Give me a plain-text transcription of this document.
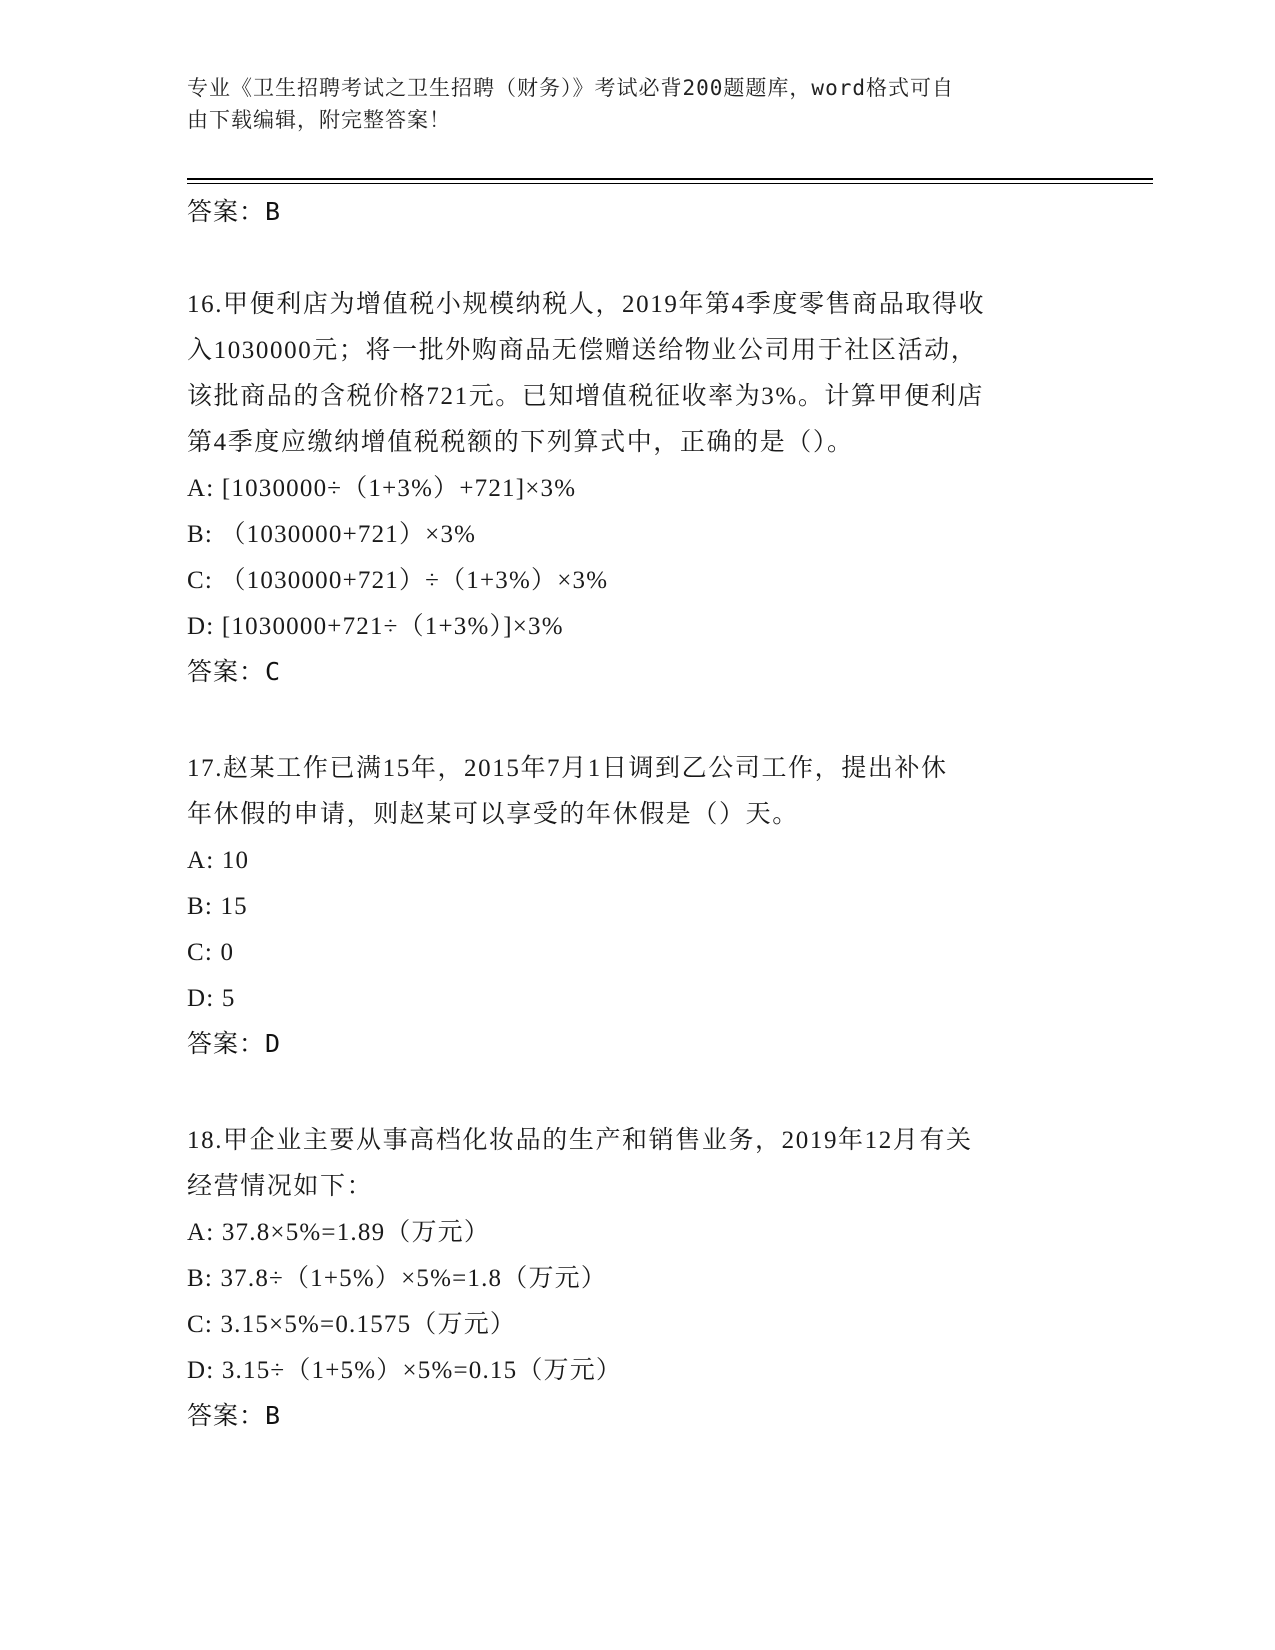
专业《卫生招聘考试之卫生招聘（财务）》考试必背200题题库，word格式可自
由下载编辑，附完整答案！
答案：B
16.甲便利店为增值税小规模纳税人，2019年第4季度零售商品取得收
入1030000元；将一批外购商品无偿赠送给物业公司用于社区活动，
该批商品的含税价格721元。已知增值税征收率为3%。计算甲便利店
第4季度应缴纳增值税税额的下列算式中，正确的是（）。
A: [1030000÷（1+3%）+721]×3%
B: （1030000+721）×3%
C: （1030000+721）÷（1+3%）×3%
D: [1030000+721÷（1+3%）]×3%
答案：C
17.赵某工作已满15年，2015年7月1日调到乙公司工作，提出补休
年休假的申请，则赵某可以享受的年休假是（）天。
A: 10
B: 15
C: 0
D: 5
答案：D
18.甲企业主要从事高档化妆品的生产和销售业务，2019年12月有关
经营情况如下：
A: 37.8×5%=1.89（万元）
B: 37.8÷（1+5%）×5%=1.8（万元）
C: 3.15×5%=0.1575（万元）
D: 3.15÷（1+5%）×5%=0.15（万元）
答案：B
